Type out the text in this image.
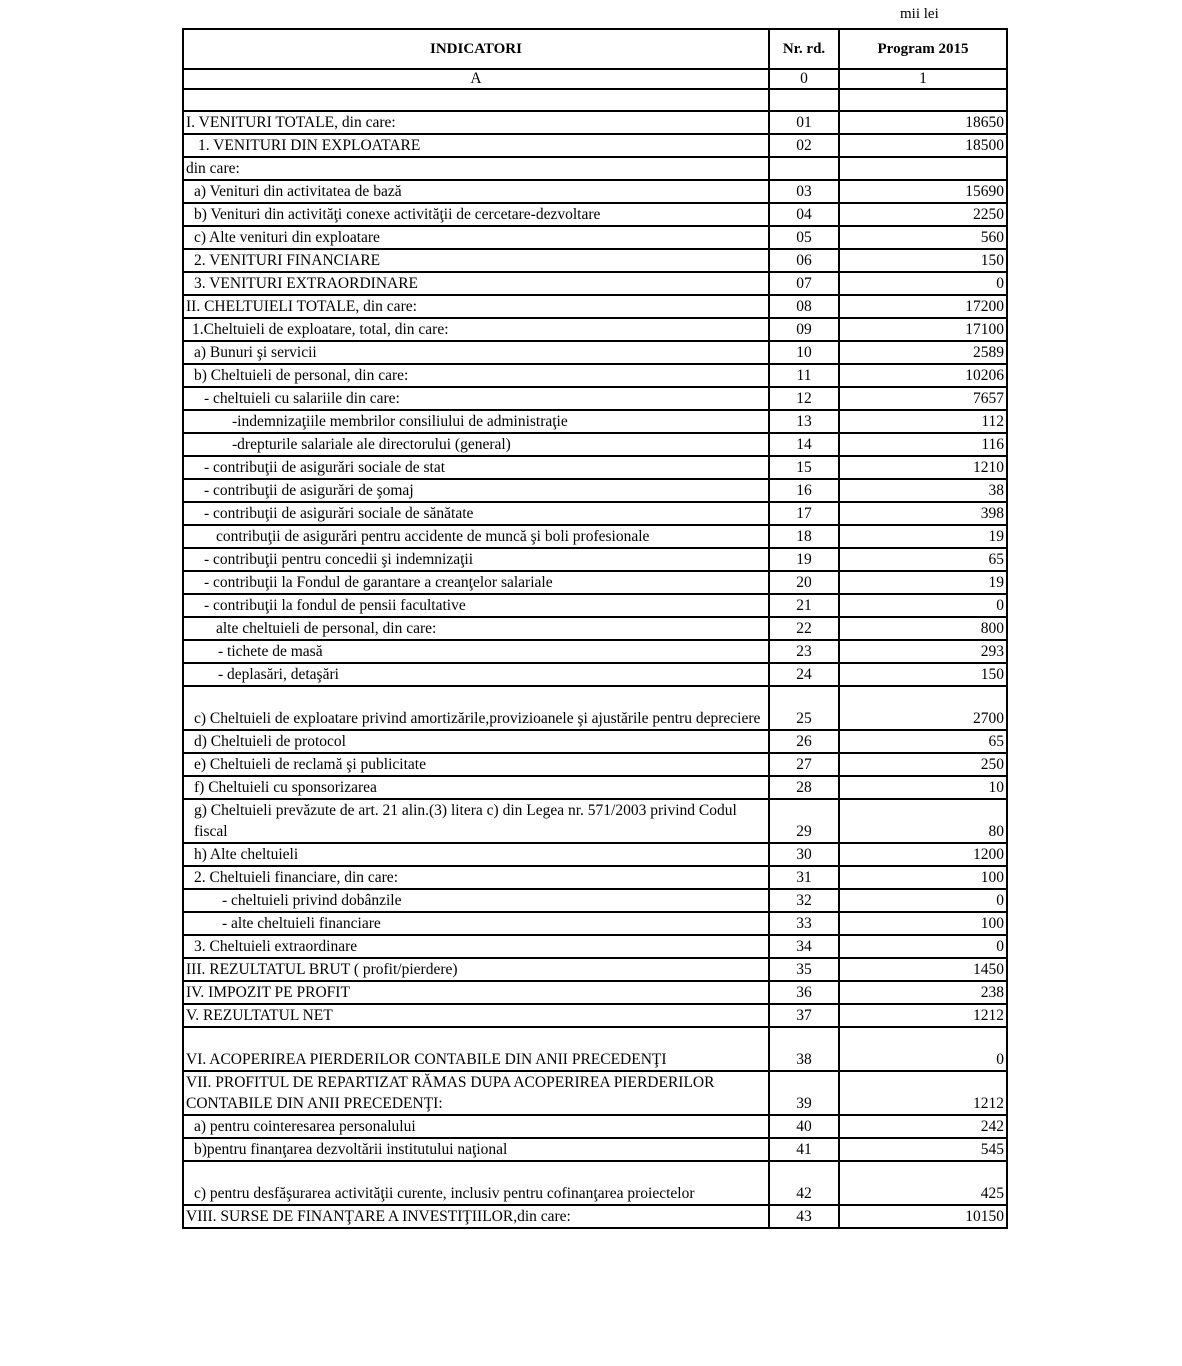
mii lei
INDICATORI	Nr. rd.	Program 2015
A	0	1

I. VENITURI TOTALE, din care:	01	18650
1. VENITURI DIN EXPLOATARE	02	18500
din care:		
a) Venituri din activitatea de bază	03	15690
b) Venituri din activităţi conexe activităţii de cercetare-dezvoltare	04	2250
c) Alte venituri din exploatare	05	560
2. VENITURI FINANCIARE	06	150
3. VENITURI EXTRAORDINARE	07	0
II. CHELTUIELI TOTALE, din care:	08	17200
1.Cheltuieli de exploatare, total, din care:	09	17100
a) Bunuri şi servicii	10	2589
b) Cheltuieli de personal, din care:	11	10206
- cheltuieli cu salariile din care:	12	7657
-indemnizaţiile membrilor consiliului de administraţie	13	112
-drepturile salariale ale directorului (general)	14	116
- contribuţii de asigurări sociale de stat	15	1210
- contribuţii de asigurări de şomaj	16	38
- contribuţii de asigurări sociale de sănătate	17	398
contribuţii de asigurări pentru accidente de muncă şi boli profesionale	18	19
- contribuţii pentru concedii şi indemnizaţii	19	65
- contribuţii la Fondul de garantare a creanţelor salariale	20	19
- contribuţii la fondul de pensii facultative	21	0
alte cheltuieli de personal, din care:	22	800
- tichete de masă	23	293
- deplasări, detaşări	24	150
c) Cheltuieli de exploatare privind amortizările,provizioanele şi ajustările pentru depreciere	25	2700
d) Cheltuieli de protocol	26	65
e) Cheltuieli de reclamă şi publicitate	27	250
f) Cheltuieli cu sponsorizarea	28	10
g) Cheltuieli prevăzute de art. 21 alin.(3) litera c) din Legea nr. 571/2003 privind Codul fiscal	29	80
h) Alte cheltuieli	30	1200
2. Cheltuieli financiare, din care:	31	100
- cheltuieli privind dobânzile	32	0
- alte cheltuieli financiare	33	100
3. Cheltuieli extraordinare	34	0
III. REZULTATUL BRUT ( profit/pierdere)	35	1450
IV. IMPOZIT PE PROFIT	36	238
V. REZULTATUL NET	37	1212
VI. ACOPERIREA PIERDERILOR CONTABILE DIN ANII PRECEDENŢI	38	0
VII. PROFITUL DE REPARTIZAT RĂMAS DUPA ACOPERIREA PIERDERILOR CONTABILE DIN ANII PRECEDENŢI:	39	1212
a) pentru cointeresarea personalului	40	242
b)pentru finanţarea dezvoltării institutului naţional	41	545
c) pentru desfăşurarea activităţii curente, inclusiv pentru cofinanţarea proiectelor	42	425
VIII. SURSE DE FINANŢARE A INVESTIŢIILOR,din care:	43	10150
